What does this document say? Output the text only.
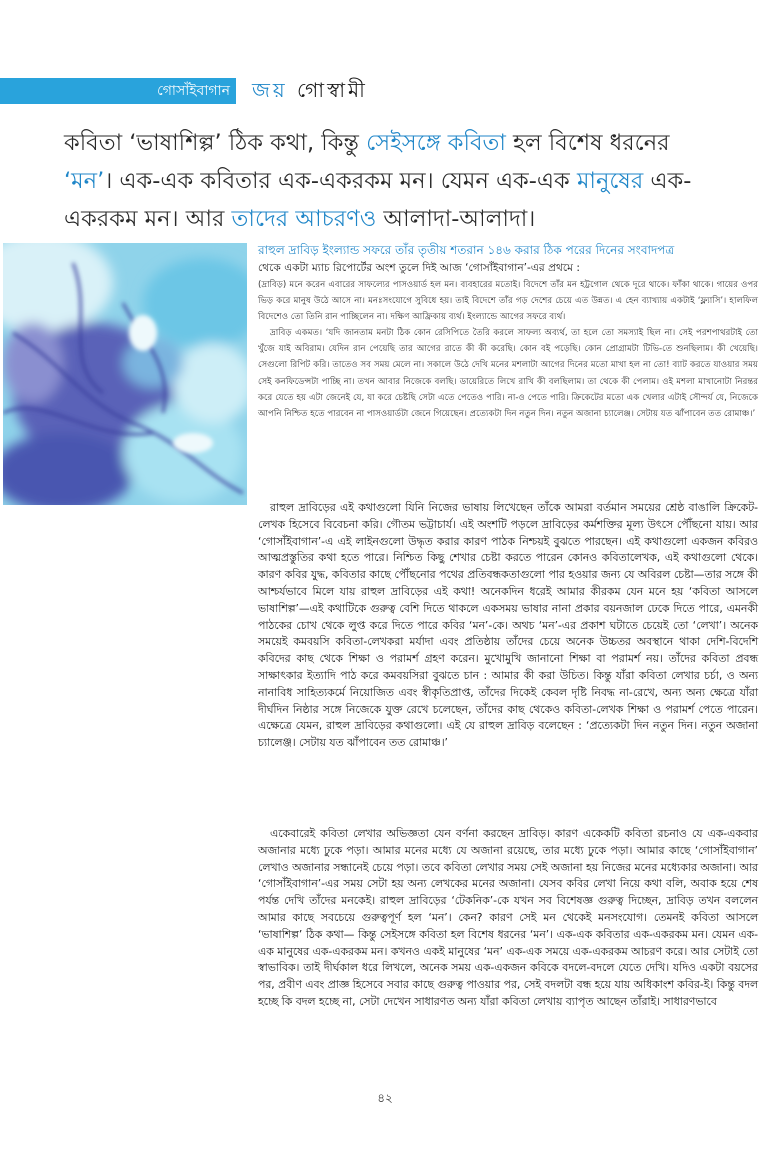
গোসাঁইবাগান জয় গোস্বামী
কবিতা ‘ভাষাশিল্প’ ঠিক কথা, কিন্তু সেইসঙ্গে কবিতা হল বিশেষ ধরনের ‘মন’। এক-এক কবিতার এক-একরকম মন। যেমন এক-এক মানুষের এক-একরকম মন। আর তাদের আচরণও আলাদা-আলাদা।
রাহুল দ্রাবিড় ইংল্যান্ড সফরে তাঁর তৃতীয় শতরান ১৪৬ করার ঠিক পরের দিনের সংবাদপত্র
থেকে একটা ম্যাচ রিপোর্টের অংশ তুলে দিই আজ ‘গোসাঁইবাগান’-এর প্রথমে :

(দ্রাবিড়) মনে করেন এবারের সাফল্যের পাসওয়ার্ড হল মন। ব্যবহারের মতোই। বিদেশে তাঁর মন হট্টগোল থেকে দূরে থাকে। ফাঁকা থাকে। গায়ের ওপর ভিড় করে মানুষ উঠে আসে না। মনঃসংযোগে সুবিধে হয়। তাই বিদেশে তাঁর গড় দেশের চেয়ে এত উন্নত। এ হেন ব্যাখ্যায় একটাই ‘ফ্ল্যাসি’। হালফিল বিদেশেও তো তিনি রান পাচ্ছিলেন না। দক্ষিণ আফ্রিকায় ব্যর্থ। ইংল্যান্ডে আগের সফরে ব্যর্থ।

দ্রাবিড় একমত। ‘যদি জানতাম মনটা ঠিক কোন রেসিপিতে তৈরি করলে সাফল্য অব্যর্থ, তা হলে তো সমস্যাই ছিল না। সেই পরশপাথরটাই তো খুঁজে যাই অবিরাম। যেদিন রান পেয়েছি তার আগের রাতে কী কী করেছি। কোন বই পড়েছি। কোন প্রোগ্রামটা টিভি-তে শুনছিলাম। কী খেয়েছি। সেগুলো রিপিট করি। তাতেও সব সময় মেলে না। সকালে উঠে দেখি মনের মশলাটা আগের দিনের মতো মাখা হল না তো! ব্যাট করতে যাওয়ার সময় সেই কনফিডেন্সটা পাচ্ছি না। তখন আবার নিজেকে বলছি। ডায়েরিতে লিখে রাখি কী বলছিলাম। তা থেকে কী পেলাম। ওই মশলা মাখানোটা নিরন্তর করে যেতে হয় এটা জেনেই যে, যা করে চেষ্টছি সেটা এতে পেতেও পারি। না-ও পেতে পারি। ক্রিকেটের মতো এক খেলার এটাই সৌন্দর্য যে, নিজেকে আপনি নিশ্চিত হতে পারবেন না পাসওয়ার্ডটা জেনে গিয়েছেন। প্রত্যেকটা দিন নতুন দিন। নতুন অজানা চ্যালেঞ্জ। সেটায় যত ঝাঁপাবেন তত রোমাঞ্চ।’

রাহুল দ্রাবিড়ের এই কথাগুলো যিনি নিজের ভাষায় লিখেছেন তাঁকে আমরা বর্তমান সময়ের শ্রেষ্ঠ বাঙালি ক্রিকেট-লেখক হিসেবে বিবেচনা করি। গৌতম ভট্টাচার্য। এই অংশটি পড়লে দ্রাবিড়ের কর্মশক্তির মূল্য উৎসে পৌঁছনো যায়। আর ‘গোসাঁইবাগান’-এ এই লাইনগুলো উদ্ধৃত করার কারণ পাঠক নিশ্চয়ই বুঝতে পারছেন। এই কথাগুলো একজন কবিরও আত্মপ্রস্তুতির কথা হতে পারে। নিশ্চিত কিছু শেখার চেষ্টা করতে পারেন কোনও কবিতালেখক, এই কথাগুলো থেকে। কারণ কবির যুদ্ধ, কবিতার কাছে পৌঁছনোর পথের প্রতিবন্ধকতাগুলো পার হওয়ার জন্য যে অবিরল চেষ্টা—তার সঙ্গে কী আশ্চর্যভাবে মিলে যায় রাহুল দ্রাবিড়ের এই কথা! অনেকদিন ধরেই আমার কীরকম যেন মনে হয় ‘কবিতা আসলে ভাষাশিল্প’—এই কথাটিকে গুরুত্ব বেশি দিতে থাকলে একসময় ভাষার নানা প্রকার বয়নজাল ঢেকে দিতে পারে, এমনকী পাঠকের চোখ থেকে লুপ্ত করে দিতে পারে কবির ‘মন’-কে। অথচ ‘মন’-এর প্রকাশ ঘটাতে চেয়েই তো ‘লেখা’। অনেক সময়েই কমবয়সি কবিতা-লেখকরা মর্যাদা এবং প্রতিষ্ঠায় তাঁদের চেয়ে অনেক উচ্চতর অবস্থানে থাকা দেশি-বিদেশি কবিদের কাছ থেকে শিক্ষা ও পরামর্শ গ্রহণ করেন। মুখোমুখি জানানো শিক্ষা বা পরামর্শ নয়। তাঁদের কবিতা প্রবন্ধ সাক্ষাৎকার ইত্যাদি পাঠ করে কমবয়সিরা বুঝতে চান : আমার কী করা উচিত। কিন্তু যাঁরা কবিতা লেখার চর্চা, ও অন্য নানাবিধ সাহিত্যকর্মে নিয়োজিত এবং স্বীকৃতিপ্রাপ্ত, তাঁদের দিকেই কেবল দৃষ্টি নিবদ্ধ না-রেখে, অন্য অন্য ক্ষেত্রে যাঁরা দীর্ঘদিন নিষ্ঠার সঙ্গে নিজেকে যুক্ত রেখে চলেছেন, তাঁদের কাছ থেকেও কবিতা-লেখক শিক্ষা ও পরামর্শ পেতে পারেন। এক্ষেত্রে যেমন, রাহুল দ্রাবিড়ের কথাগুলো। এই যে রাহুল দ্রাবিড় বলেছেন : ‘প্রত্যেকটা দিন নতুন দিন। নতুন অজানা চ্যালেঞ্জ। সেটায় যত ঝাঁপাবেন তত রোমাঞ্চ।’

একেবারেই কবিতা লেখার অভিজ্ঞতা যেন বর্ণনা করছেন দ্রাবিড়। কারণ একেকটি কবিতা রচনাও যে এক-একবার অজানার মধ্যে ঢুকে পড়া। আমার মনের মধ্যে যে অজানা রয়েছে, তার মধ্যে ঢুকে পড়া। আমার কাছে ‘গোসাঁইবাগান’ লেখাও অজানার সন্ধানেই চেয়ে পড়া। তবে কবিতা লেখার সময় সেই অজানা হয় নিজের মনের মধ্যেকার অজানা। আর ‘গোসাঁইবাগান’-এর সময় সেটা হয় অন্য লেখকের মনের অজানা। যেসব কবির লেখা নিয়ে কথা বলি, অবাক হয়ে শেষ পর্যন্ত দেখি তাঁদের মনকেই। রাহুল দ্রাবিড়ের ‘টেকনিক’-কে যখন সব বিশেষজ্ঞ গুরুত্ব দিচ্ছেন, দ্রাবিড় তখন বললেন আমার কাছে সবচেয়ে গুরুত্বপূর্ণ হল ‘মন’। কেন? কারণ সেই মন থেকেই মনসংযোগ। তেমনই কবিতা আসলে ‘ভাষাশিল্প’ ঠিক কথা— কিন্তু সেইসঙ্গে কবিতা হল বিশেষ ধরনের ‘মন’। এক-এক কবিতার এক-একরকম মন। যেমন এক-এক মানুষের এক-একরকম মন। কখনও একই মানুষের ‘মন’ এক-এক সময়ে এক-একরকম আচরণ করে। আর সেটাই তো স্বাভাবিক। তাই দীর্ঘকাল ধরে লিখলে, অনেক সময় এক-একজন কবিকে বদলে-বদলে যেতে দেখি। যদিও একটা বয়সের পর, প্রবীণ এবং প্রাজ্ঞ হিসেবে সবার কাছে গুরুত্ব পাওয়ার পর, সেই বদলটা বন্ধ হয়ে যায় অধিকাংশ কবির-ই। কিন্তু বদল হচ্ছে কি বদল হচ্ছে না, সেটা দেখেন সাধারণত অন্য যাঁরা কবিতা লেখায় ব্যাপৃত আছেন তাঁরাই। সাধারণভাবে

৪২
